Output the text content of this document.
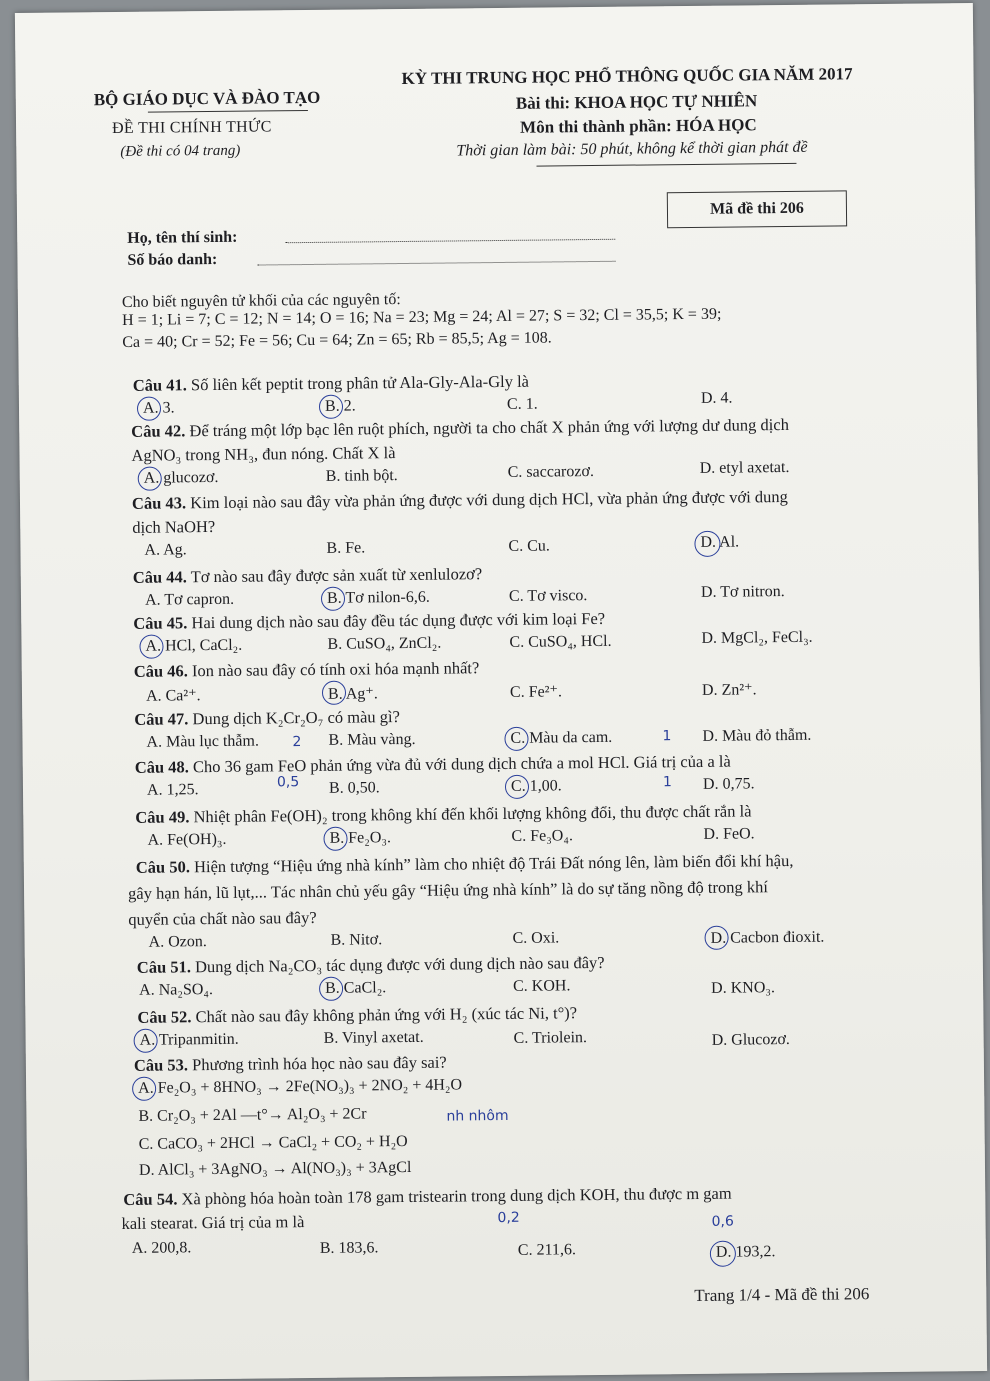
BỘ GIÁO DỤC VÀ ĐÀO TẠO
ĐỀ THI CHÍNH THỨC
(Đề thi có 04 trang)
KỲ THI TRUNG HỌC PHỔ THÔNG QUỐC GIA NĂM 2017
Bài thi: KHOA HỌC TỰ NHIÊN
Môn thi thành phần: HÓA HỌC
Thời gian làm bài: 50 phút, không kể thời gian phát đề
Mã đề thi 206
Họ, tên thí sinh:
Số báo danh:
Cho biết nguyên tử khối của các nguyên tố:
H = 1; Li = 7; C = 12; N = 14; O = 16; Na = 23; Mg = 24; Al = 27; S = 32; Cl = 35,5; K = 39;
Ca = 40; Cr = 52; Fe = 56; Cu = 64; Zn = 65; Rb = 85,5; Ag = 108.
Câu 41. Số liên kết peptit trong phân tử Ala-Gly-Ala-Gly là
A. 3.	B. 2.	C. 1.	D. 4.
Câu 42. Để tráng một lớp bạc lên ruột phích, người ta cho chất X phản ứng với lượng dư dung dịch
AgNO₃ trong NH₃, đun nóng. Chất X là
A. glucozơ.	B. tinh bột.	C. saccarozơ.	D. etyl axetat.
Câu 43. Kim loại nào sau đây vừa phản ứng được với dung dịch HCl, vừa phản ứng được với dung
dịch NaOH?
A. Ag.	B. Fe.	C. Cu.	D. Al.
Câu 44. Tơ nào sau đây được sản xuất từ xenlulozơ?
A. Tơ capron.	B. Tơ nilon-6,6.	C. Tơ visco.	D. Tơ nitron.
Câu 45. Hai dung dịch nào sau đây đều tác dụng được với kim loại Fe?
A. HCl, CaCl₂.	B. CuSO₄, ZnCl₂.	C. CuSO₄, HCl.	D. MgCl₂, FeCl₃.
Câu 46. Ion nào sau đây có tính oxi hóa mạnh nhất?
A. Ca²⁺.	B. Ag⁺.	C. Fe²⁺.	D. Zn²⁺.
Câu 47. Dung dịch K₂Cr₂O₇ có màu gì?
A. Màu lục thẫm.	B. Màu vàng.	C. Màu da cam.	D. Màu đỏ thẫm.
1
2
Câu 48. Cho 36 gam FeO phản ứng vừa đủ với dung dịch chứa a mol HCl. Giá trị của a là
A. 1,25.	B. 0,50.	C. 1,00.	D. 0,75.
0,5	1
Câu 49. Nhiệt phân Fe(OH)₂ trong không khí đến khối lượng không đổi, thu được chất rắn là
A. Fe(OH)₃.	B. Fe₂O₃.	C. Fe₃O₄.	D. FeO.
Câu 50. Hiện tượng “Hiệu ứng nhà kính” làm cho nhiệt độ Trái Đất nóng lên, làm biến đổi khí hậu,
gây hạn hán, lũ lụt,... Tác nhân chủ yếu gây “Hiệu ứng nhà kính” là do sự tăng nồng độ trong khí
quyển của chất nào sau đây?
A. Ozon.	B. Nitơ.	C. Oxi.	D. Cacbon đioxit.
Câu 51. Dung dịch Na₂CO₃ tác dụng được với dung dịch nào sau đây?
A. Na₂SO₄.	B. CaCl₂.	C. KOH.	D. KNO₃.
Câu 52. Chất nào sau đây không phản ứng với H₂ (xúc tác Ni, t°)?
A. Tripanmitin.	B. Vinyl axetat.	C. Triolein.	D. Glucozơ.
Câu 53. Phương trình hóa học nào sau đây sai?
A. Fe₂O₃ + 8HNO₃ → 2Fe(NO₃)₃ + 2NO₂ + 4H₂O
B. Cr₂O₃ + 2Al —t°→ Al₂O₃ + 2Cr
C. CaCO₃ + 2HCl → CaCl₂ + CO₂ + H₂O
D. AlCl₃ + 3AgNO₃ → Al(NO₃)₃ + 3AgCl
nh nhôm
Câu 54. Xà phòng hóa hoàn toàn 178 gam tristearin trong dung dịch KOH, thu được m gam
kali stearat. Giá trị của m là
A. 200,8.	B. 183,6.	C. 211,6.	D. 193,2.
0,2	0,6
Trang 1/4 - Mã đề thi 206
